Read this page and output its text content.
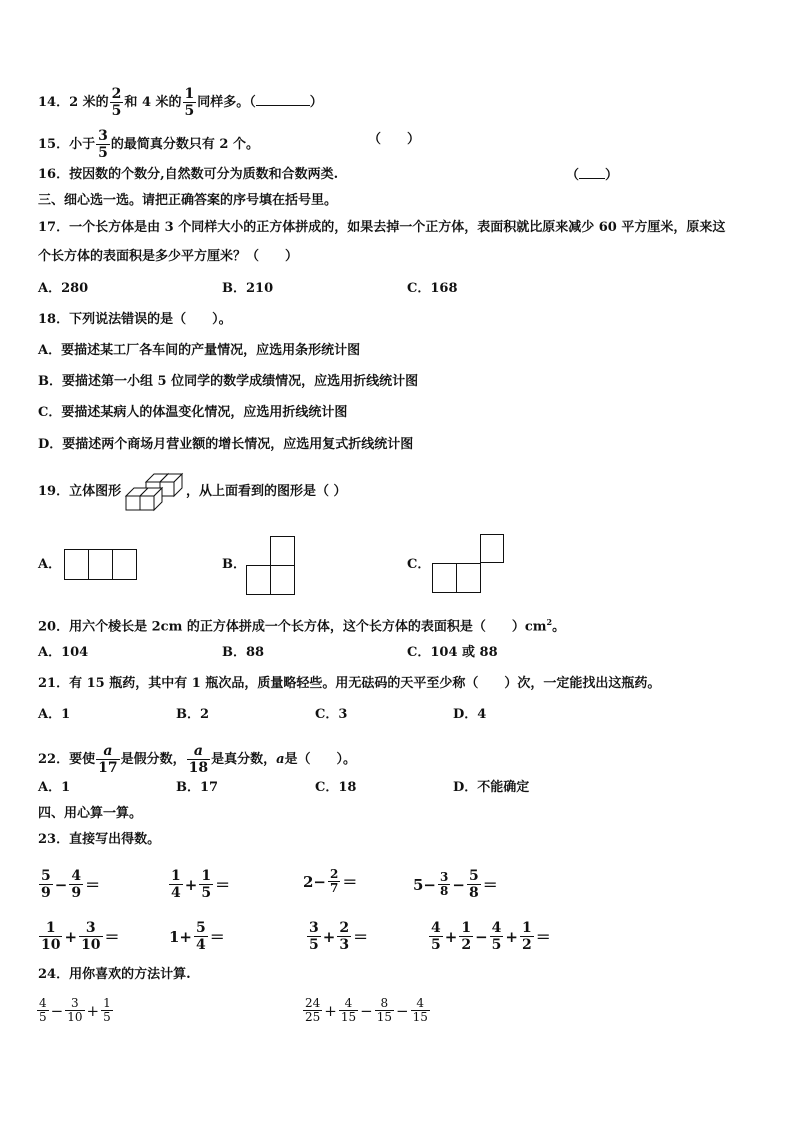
14．2 米的 $\frac{2}{5}$ 和 4 米的 $\frac{1}{5}$ 同样多。（	）
15．小于 $\frac{3}{5}$ 的最简真分数只有 2 个。	（　　）
16．按因数的个数分,自然数可分为质数和合数两类.	（ ）
三、细心选一选。请把正确答案的序号填在括号里。
17．一个长方体是由 3 个同样大小的正方体拼成的，如果去掉一个正方体，表面积就比原来减少 60 平方厘米，原来这
个长方体的表面积是多少平方厘米？（　　）
A．280	B．210	C．168
18．下列说法错误的是（　　）。
A．要描述某工厂各车间的产量情况，应选用条形统计图
B．要描述第一小组 5 位同学的数学成绩情况，应选用折线统计图
C．要描述某病人的体温变化情况，应选用折线统计图
D．要描述两个商场月营业额的增长情况，应选用复式折线统计图
19．立体图形	，从上面看到的图形是（ ）
A．	B．	C．
20．用六个棱长是 2cm 的正方体拼成一个长方体，这个长方体的表面积是（　　）$cm^2$。
A．104	B．88	C．104 或 88
21．有 15 瓶药，其中有 1 瓶次品，质量略轻些。用无砝码的天平至少称（　　）次，一定能找出这瓶药。
A．1	B．2	C．3	D．4
22．要使 $\frac{a}{17}$ 是假分数， $\frac{a}{18}$ 是真分数，a是（　　）。
A．1	B．17	C．18	D．不能确定
四、用心算一算。
23．直接写出得数。
$\frac{5}{9} - \frac{4}{9}$ ＝	$\frac{1}{4} + \frac{1}{5}$ ＝	$2- \frac{2}{7}$ ＝	$5- \frac{3}{8} - \frac{5}{8}$ ＝
$\frac{1}{10} + \frac{3}{10}$ ＝	$1+ \frac{5}{4}$ ＝	$\frac{3}{5} + \frac{2}{3}$ ＝	$\frac{4}{5} + \frac{1}{2} - \frac{4}{5} + \frac{1}{2}$ ＝
24．用你喜欢的方法计算.
$\frac{4}{5} - \frac{3}{10} + \frac{1}{5}$	$\frac{24}{25} + \frac{4}{15} - \frac{8}{15} - \frac{4}{15}$
